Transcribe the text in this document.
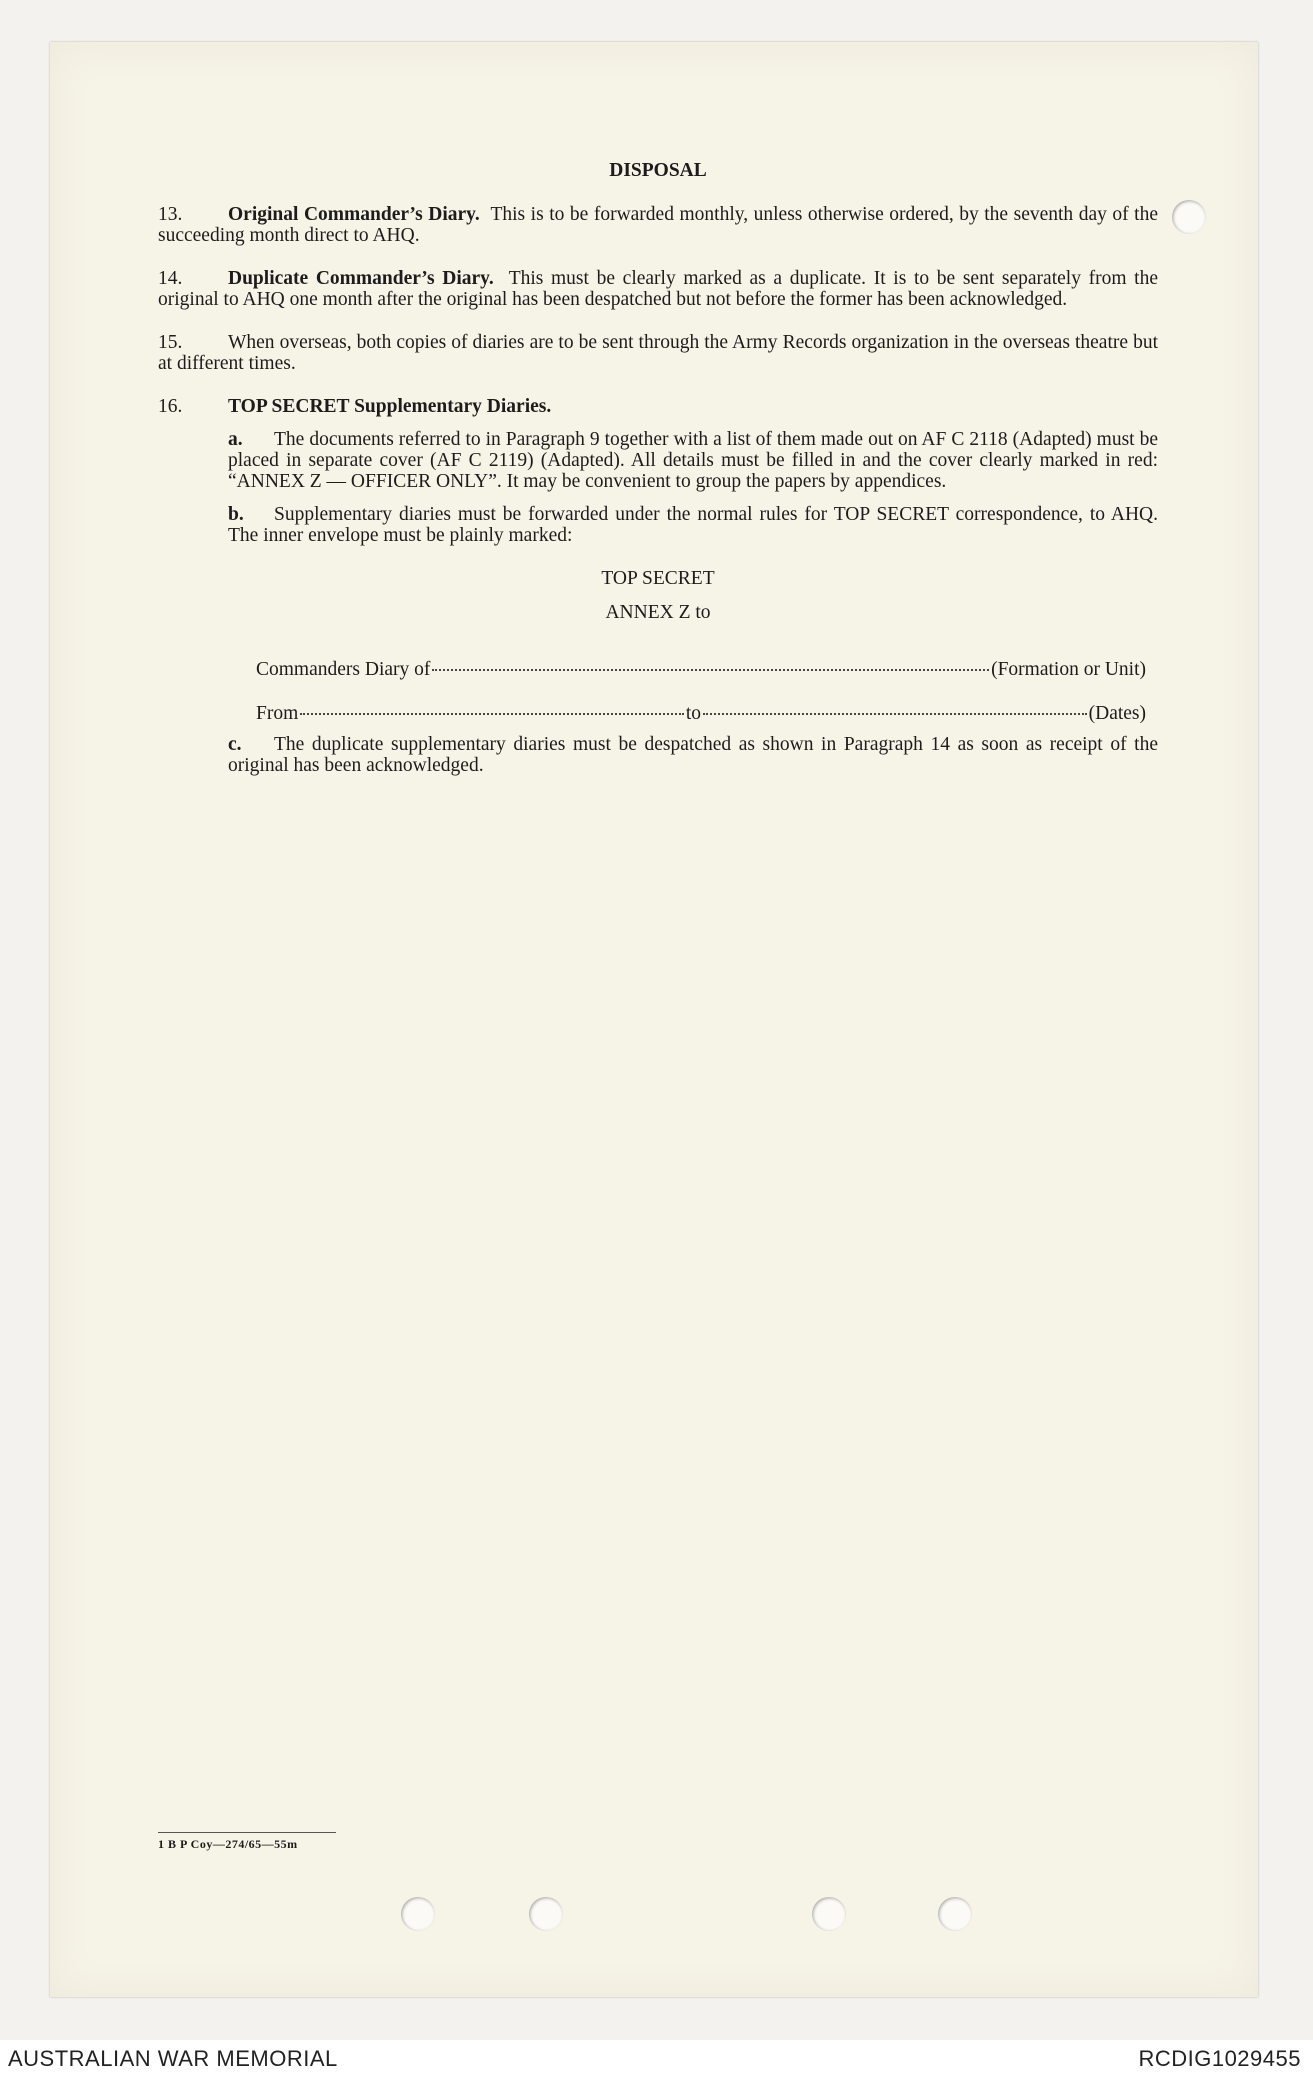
DISPOSAL

13. Original Commander’s Diary. This is to be forwarded monthly, unless otherwise ordered, by the seventh day of the succeeding month direct to AHQ.

14. Duplicate Commander’s Diary. This must be clearly marked as a duplicate. It is to be sent separately from the original to AHQ one month after the original has been despatched but not before the former has been acknowledged.

15. When overseas, both copies of diaries are to be sent through the Army Records organization in the overseas theatre but at different times.

16. TOP SECRET Supplementary Diaries.

a. The documents referred to in Paragraph 9 together with a list of them made out on AF C 2118 (Adapted) must be placed in separate cover (AF C 2119) (Adapted). All details must be filled in and the cover clearly marked in red: “ANNEX Z — OFFICER ONLY”. It may be convenient to group the papers by appendices.

b. Supplementary diaries must be forwarded under the normal rules for TOP SECRET correspondence, to AHQ. The inner envelope must be plainly marked:

TOP SECRET

ANNEX Z to

Commanders Diary of	(Formation or Unit)
From	to	(Dates)

c. The duplicate supplementary diaries must be despatched as shown in Paragraph 14 as soon as receipt of the original has been acknowledged.

1 B P Coy—274/65—55m
AUSTRALIAN WAR MEMORIAL	RCDIG1029455
